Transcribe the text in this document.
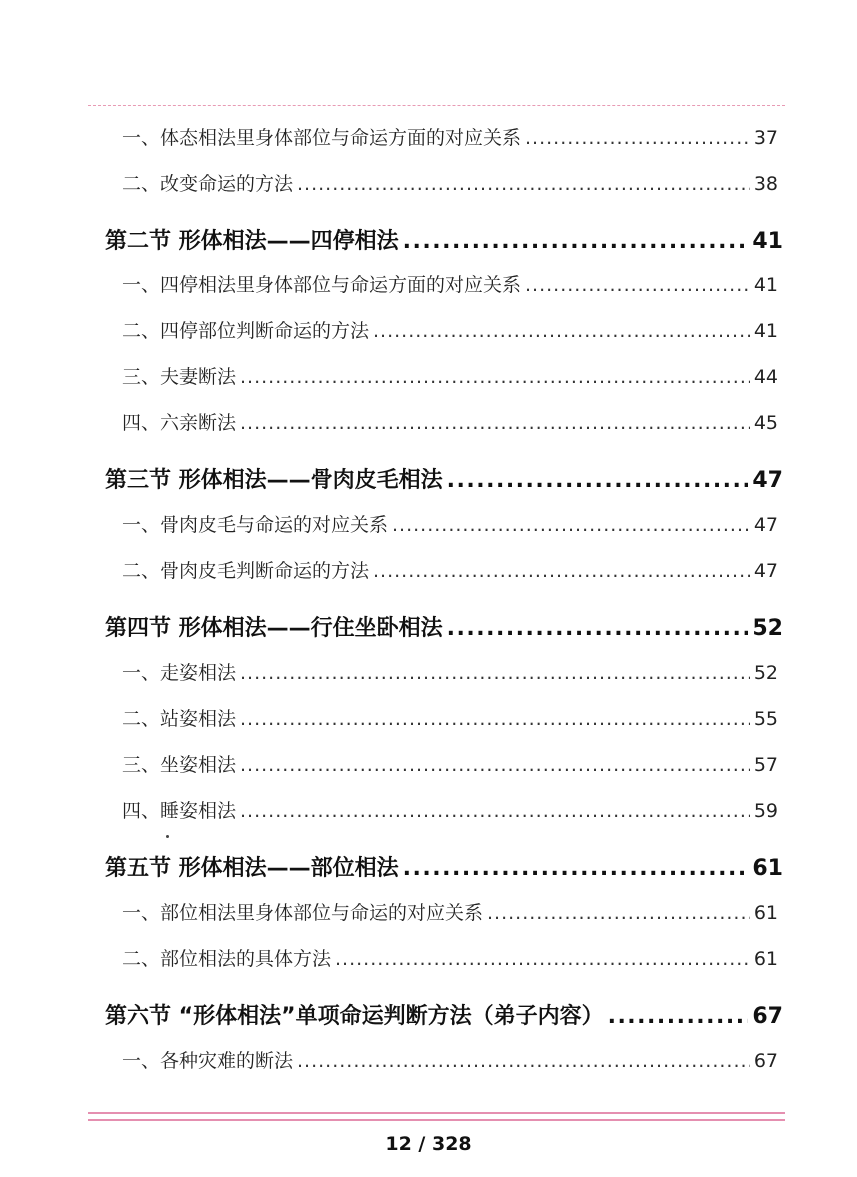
一、体态相法里身体部位与命运方面的对应关系 .....	37
二、改变命运的方法 .....	38
第二节 形体相法——四停相法 .....	41
一、四停相法里身体部位与命运方面的对应关系 .....	41
二、四停部位判断命运的方法 .....	41
三、夫妻断法 .....	44
四、六亲断法 .....	45
第三节 形体相法——骨肉皮毛相法 .....	47
一、骨肉皮毛与命运的对应关系 .....	47
二、骨肉皮毛判断命运的方法 .....	47
第四节 形体相法——行住坐卧相法 .....	52
一、走姿相法 .....	52
二、站姿相法 .....	55
三、坐姿相法 .....	57
四、睡姿相法 .....	59
第五节 形体相法——部位相法 .....	61
一、部位相法里身体部位与命运的对应关系 .....	61
二、部位相法的具体方法 .....	61
第六节 “形体相法”单项命运判断方法（弟子内容） .....	67
一、各种灾难的断法 .....	67
12 / 328
